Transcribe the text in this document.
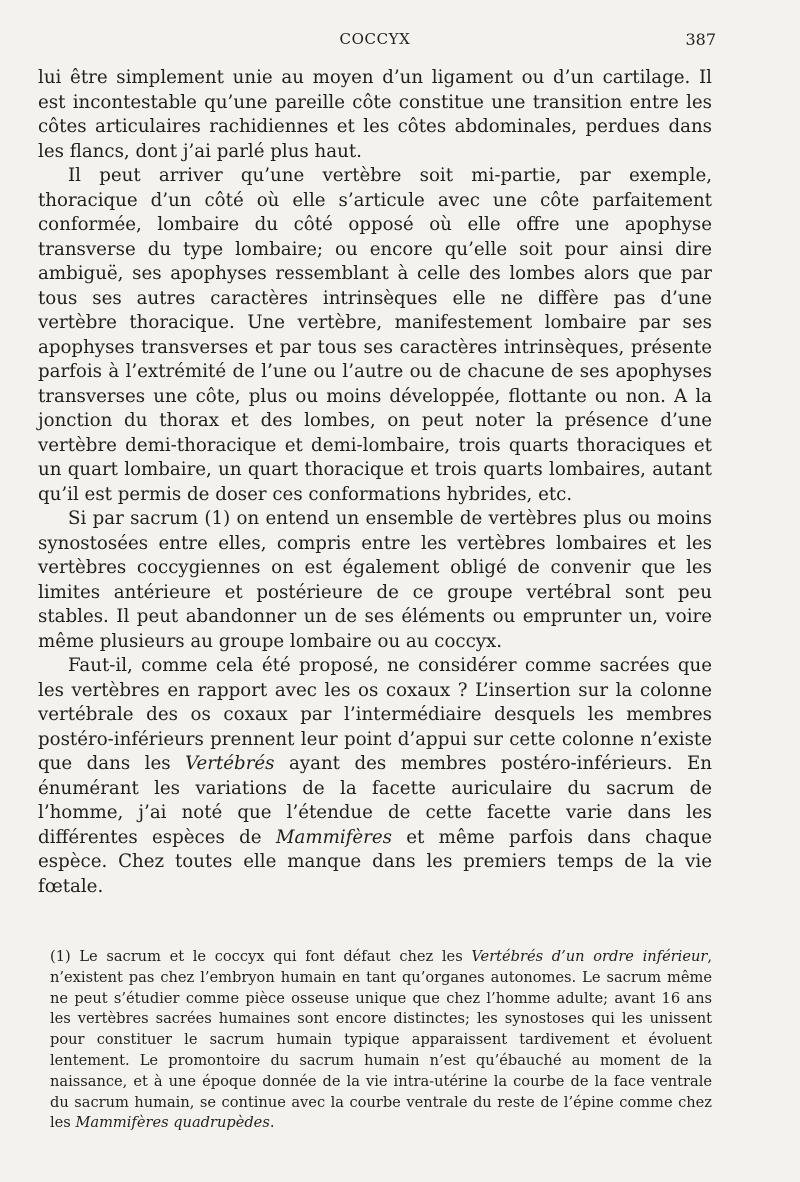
COCCYX	387

lui être simplement unie au moyen d’un ligament ou d’un cartilage. Il est incontestable qu’une pareille côte constitue une transition entre les côtes articulaires rachidiennes et les côtes abdominales, perdues dans les flancs, dont j’ai parlé plus haut.

Il peut arriver qu’une vertèbre soit mi-partie, par exemple, thoracique d’un côté où elle s’articule avec une côte parfaitement conformée, lombaire du côté opposé où elle offre une apophyse transverse du type lombaire; ou encore qu’elle soit pour ainsi dire ambiguë, ses apophyses ressemblant à celle des lombes alors que par tous ses autres caractères intrinsèques elle ne diffère pas d’une vertèbre thoracique. Une vertèbre, manifestement lombaire par ses apophyses transverses et par tous ses caractères intrinsèques, présente parfois à l’extrémité de l’une ou l’autre ou de chacune de ses apophyses transverses une côte, plus ou moins développée, flottante ou non. A la jonction du thorax et des lombes, on peut noter la présence d’une vertèbre demi-thoracique et demi-lombaire, trois quarts thoraciques et un quart lombaire, un quart thoracique et trois quarts lombaires, autant qu’il est permis de doser ces conformations hybrides, etc.

Si par sacrum (1) on entend un ensemble de vertèbres plus ou moins synostosées entre elles, compris entre les vertèbres lombaires et les vertèbres coccygiennes on est également obligé de convenir que les limites antérieure et postérieure de ce groupe vertébral sont peu stables. Il peut abandonner un de ses éléments ou emprunter un, voire même plusieurs au groupe lombaire ou au coccyx.

Faut-il, comme cela été proposé, ne considérer comme sacrées que les vertèbres en rapport avec les os coxaux ? L’insertion sur la colonne vertébrale des os coxaux par l’intermédiaire desquels les membres postéro-inférieurs prennent leur point d’appui sur cette colonne n’existe que dans les Vertébrés ayant des membres postéro-inférieurs. En énumérant les variations de la facette auriculaire du sacrum de l’homme, j’ai noté que l’étendue de cette facette varie dans les différentes espèces de Mammifères et même parfois dans chaque espèce. Chez toutes elle manque dans les premiers temps de la vie fœtale.

(1) Le sacrum et le coccyx qui font défaut chez les Vertébrés d’un ordre inférieur, n’existent pas chez l’embryon humain en tant qu’organes autonomes. Le sacrum même ne peut s’étudier comme pièce osseuse unique que chez l’homme adulte; avant 16 ans les vertèbres sacrées humaines sont encore distinctes; les synostoses qui les unissent pour constituer le sacrum humain typique apparaissent tardivement et évoluent lentement. Le promontoire du sacrum humain n’est qu’ébauché au moment de la naissance, et à une époque donnée de la vie intra-utérine la courbe de la face ventrale du sacrum humain, se continue avec la courbe ventrale du reste de l’épine comme chez les Mammifères quadrupèdes.
